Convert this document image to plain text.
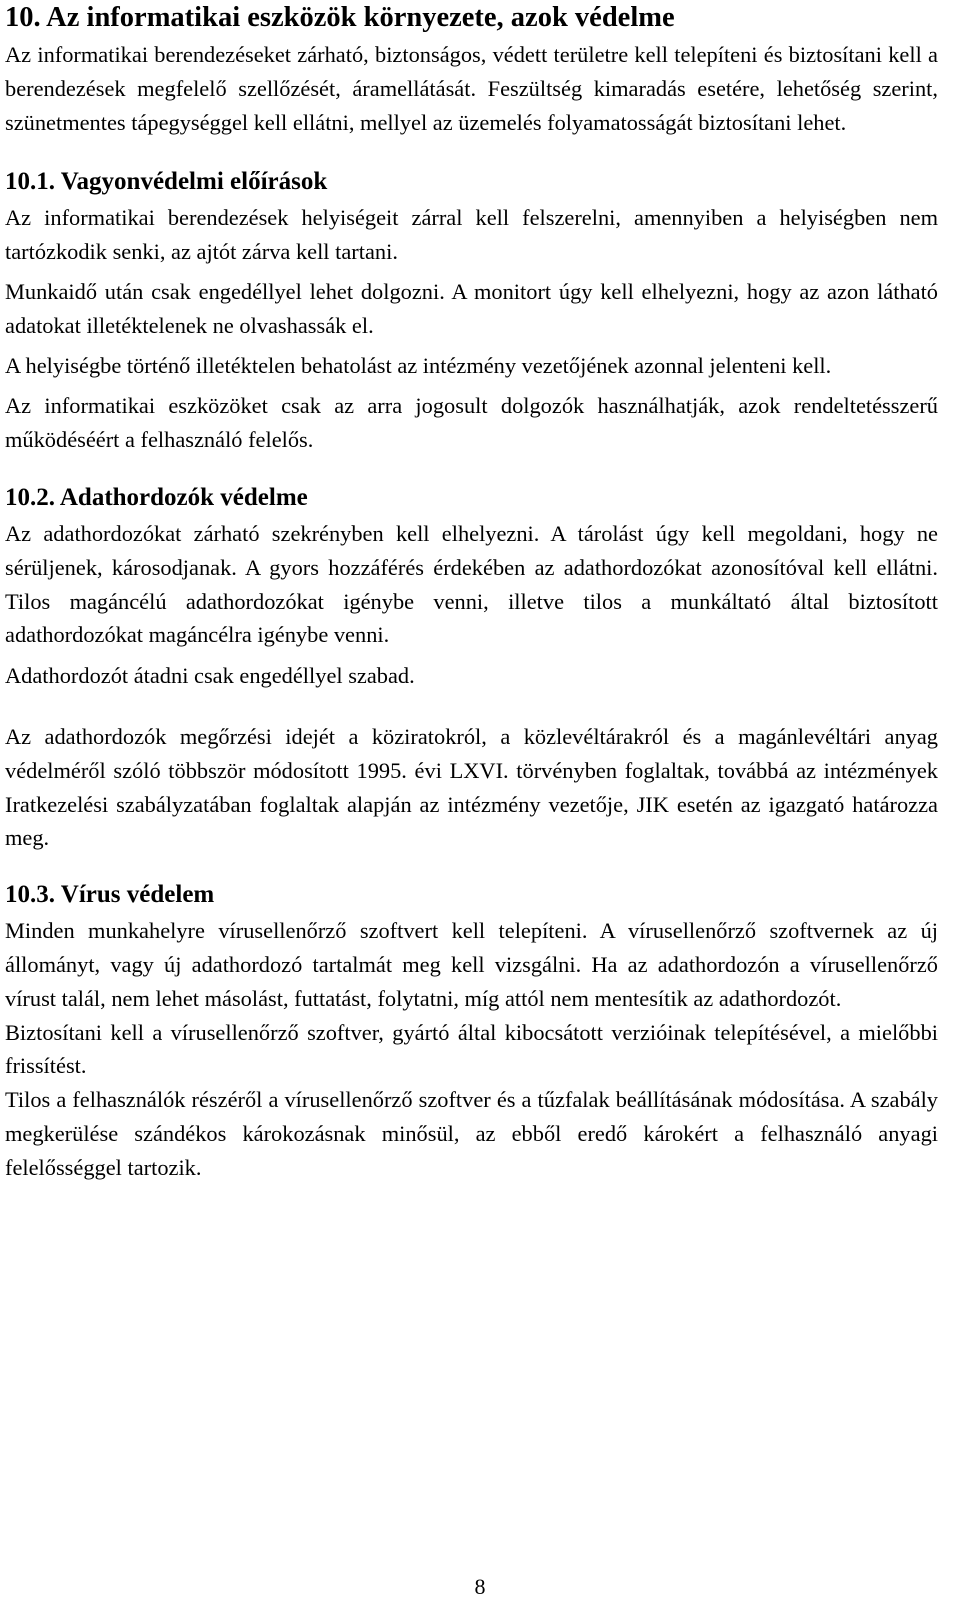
10. Az informatikai eszközök környezete, azok védelme

Az informatikai berendezéseket zárható, biztonságos, védett területre kell telepíteni és biztosítani kell a berendezések megfelelő szellőzését, áramellátását. Feszültség kimaradás esetére, lehetőség szerint, szünetmentes tápegységgel kell ellátni, mellyel az üzemelés folyamatosságát biztosítani lehet.

10.1. Vagyonvédelmi előírások

Az informatikai berendezések helyiségeit zárral kell felszerelni, amennyiben a helyiségben nem tartózkodik senki, az ajtót zárva kell tartani.

Munkaidő után csak engedéllyel lehet dolgozni. A monitort úgy kell elhelyezni, hogy az azon látható adatokat illetéktelenek ne olvashassák el.

A helyiségbe történő illetéktelen behatolást az intézmény vezetőjének azonnal jelenteni kell.

Az informatikai eszközöket csak az arra jogosult dolgozók használhatják, azok rendeltetésszerű működéséért a felhasználó felelős.

10.2. Adathordozók védelme

Az adathordozókat zárható szekrényben kell elhelyezni. A tárolást úgy kell megoldani, hogy ne sérüljenek, károsodjanak. A gyors hozzáférés érdekében az adathordozókat azonosítóval kell ellátni. Tilos magáncélú adathordozókat igénybe venni, illetve tilos a munkáltató által biztosított adathordozókat magáncélra igénybe venni.

Adathordozót átadni csak engedéllyel szabad.

Az adathordozók megőrzési idejét a köziratokról, a közlevéltárakról és a magánlevéltári anyag védelméről szóló többször módosított 1995. évi LXVI. törvényben foglaltak, továbbá az intézmények Iratkezelési szabályzatában foglaltak alapján az intézmény vezetője, JIK esetén az igazgató határozza meg.

10.3. Vírus védelem

Minden munkahelyre vírusellenőrző szoftvert kell telepíteni. A vírusellenőrző szoftvernek az új állományt, vagy új adathordozó tartalmát meg kell vizsgálni. Ha az adathordozón a vírusellenőrző vírust talál, nem lehet másolást, futtatást, folytatni, míg attól nem mentesítik az adathordozót.

Biztosítani kell a vírusellenőrző szoftver, gyártó által kibocsátott verzióinak telepítésével, a mielőbbi frissítést.

Tilos a felhasználók részéről a vírusellenőrző szoftver és a tűzfalak beállításának módosítása. A szabály megkerülése szándékos károkozásnak minősül, az ebből eredő károkért a felhasználó anyagi felelősséggel tartozik.

8
